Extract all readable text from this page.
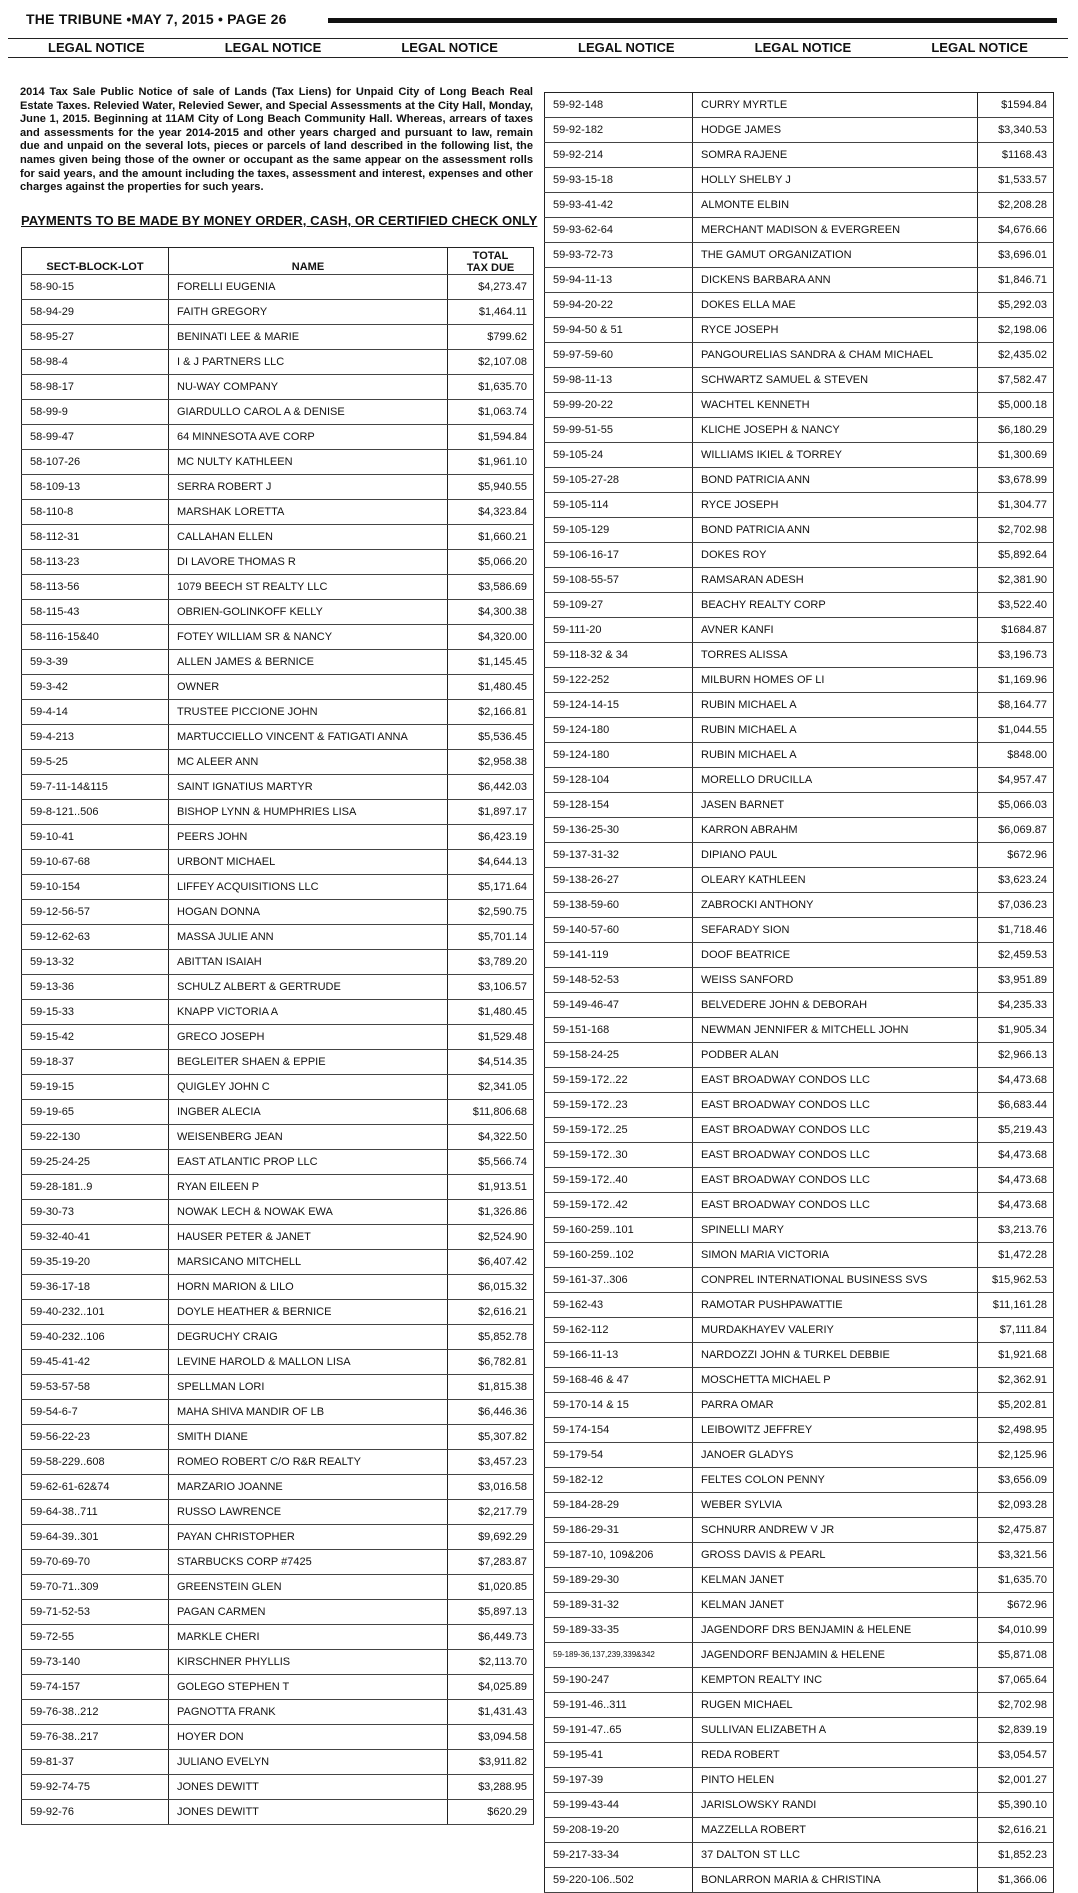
THE TRIBUNE •MAY 7, 2015 • PAGE 26
LEGAL NOTICE	LEGAL NOTICE	LEGAL NOTICE	LEGAL NOTICE	LEGAL NOTICE	LEGAL NOTICE
2014 Tax Sale Public Notice of sale of Lands (Tax Liens) for Unpaid City of Long Beach Real Estate Taxes. Relevied Water, Relevied Sewer, and Special Assessments at the City Hall, Monday, June 1, 2015. Beginning at 11AM City of Long Beach Community Hall. Whereas, arrears of taxes and assessments for the year 2014-2015 and other years charged and pursuant to law, remain due and unpaid on the several lots, pieces or parcels of land described in the following list, the names given being those of the owner or occupant as the same appear on the assessment rolls for said years, and the amount including the taxes, assessment and interest, expenses and other charges against the properties for such years.
PAYMENTS TO BE MADE BY MONEY ORDER, CASH, OR CERTIFIED CHECK ONLY
SECT-BLOCK-LOT	NAME	TOTAL
TAX DUE

58-90-15	FORELLI EUGENIA	$4,273.47
58-94-29	FAITH GREGORY	$1,464.11
58-95-27	BENINATI LEE & MARIE	$799.62
58-98-4	I & J PARTNERS LLC	$2,107.08
58-98-17	NU-WAY COMPANY	$1,635.70
58-99-9	GIARDULLO CAROL A & DENISE	$1,063.74
58-99-47	64 MINNESOTA AVE CORP	$1,594.84
58-107-26	MC NULTY KATHLEEN	$1,961.10
58-109-13	SERRA ROBERT J	$5,940.55
58-110-8	MARSHAK LORETTA	$4,323.84
58-112-31	CALLAHAN ELLEN	$1,660.21
58-113-23	DI LAVORE THOMAS R	$5,066.20
58-113-56	1079 BEECH ST REALTY LLC	$3,586.69
58-115-43	OBRIEN-GOLINKOFF KELLY	$4,300.38
58-116-15&40	FOTEY WILLIAM SR & NANCY	$4,320.00
59-3-39	ALLEN JAMES & BERNICE	$1,145.45
59-3-42	OWNER	$1,480.45
59-4-14	TRUSTEE PICCIONE JOHN	$2,166.81
59-4-213	MARTUCCIELLO VINCENT & FATIGATI ANNA	$5,536.45
59-5-25	MC ALEER ANN	$2,958.38
59-7-11-14&115	SAINT IGNATIUS MARTYR	$6,442.03
59-8-121..506	BISHOP LYNN & HUMPHRIES LISA	$1,897.17
59-10-41	PEERS JOHN	$6,423.19
59-10-67-68	URBONT MICHAEL	$4,644.13
59-10-154	LIFFEY ACQUISITIONS LLC	$5,171.64
59-12-56-57	HOGAN DONNA	$2,590.75
59-12-62-63	MASSA JULIE ANN	$5,701.14
59-13-32	ABITTAN ISAIAH	$3,789.20
59-13-36	SCHULZ ALBERT & GERTRUDE	$3,106.57
59-15-33	KNAPP VICTORIA A	$1,480.45
59-15-42	GRECO JOSEPH	$1,529.48
59-18-37	BEGLEITER SHAEN & EPPIE	$4,514.35
59-19-15	QUIGLEY JOHN C	$2,341.05
59-19-65	INGBER ALECIA	$11,806.68
59-22-130	WEISENBERG JEAN	$4,322.50
59-25-24-25	EAST ATLANTIC PROP LLC	$5,566.74
59-28-181..9	RYAN EILEEN P	$1,913.51
59-30-73	NOWAK LECH & NOWAK EWA	$1,326.86
59-32-40-41	HAUSER PETER & JANET	$2,524.90
59-35-19-20	MARSICANO MITCHELL	$6,407.42
59-36-17-18	HORN MARION & LILO	$6,015.32
59-40-232..101	DOYLE HEATHER & BERNICE	$2,616.21
59-40-232..106	DEGRUCHY CRAIG	$5,852.78
59-45-41-42	LEVINE HAROLD & MALLON LISA	$6,782.81
59-53-57-58	SPELLMAN LORI	$1,815.38
59-54-6-7	MAHA SHIVA MANDIR OF LB	$6,446.36
59-56-22-23	SMITH DIANE	$5,307.82
59-58-229..608	ROMEO ROBERT C/O R&R REALTY	$3,457.23
59-62-61-62&74	MARZARIO JOANNE	$3,016.58
59-64-38..711	RUSSO LAWRENCE	$2,217.79
59-64-39..301	PAYAN CHRISTOPHER	$9,692.29
59-70-69-70	STARBUCKS CORP #7425	$7,283.87
59-70-71..309	GREENSTEIN GLEN	$1,020.85
59-71-52-53	PAGAN CARMEN	$5,897.13
59-72-55	MARKLE CHERI	$6,449.73
59-73-140	KIRSCHNER PHYLLIS	$2,113.70
59-74-157	GOLEGO STEPHEN T	$4,025.89
59-76-38..212	PAGNOTTA FRANK	$1,431.43
59-76-38..217	HOYER DON	$3,094.58
59-81-37	JULIANO EVELYN	$3,911.82
59-92-74-75	JONES DEWITT	$3,288.95
59-92-76	JONES DEWITT	$620.29
59-92-148	CURRY MYRTLE	$1594.84
59-92-182	HODGE JAMES	$3,340.53
59-92-214	SOMRA RAJENE	$1168.43
59-93-15-18	HOLLY SHELBY J	$1,533.57
59-93-41-42	ALMONTE ELBIN	$2,208.28
59-93-62-64	MERCHANT MADISON & EVERGREEN	$4,676.66
59-93-72-73	THE GAMUT ORGANIZATION	$3,696.01
59-94-11-13	DICKENS BARBARA ANN	$1,846.71
59-94-20-22	DOKES ELLA MAE	$5,292.03
59-94-50 & 51	RYCE JOSEPH	$2,198.06
59-97-59-60	PANGOURELIAS SANDRA & CHAM MICHAEL	$2,435.02
59-98-11-13	SCHWARTZ SAMUEL & STEVEN	$7,582.47
59-99-20-22	WACHTEL KENNETH	$5,000.18
59-99-51-55	KLICHE JOSEPH & NANCY	$6,180.29
59-105-24	WILLIAMS IKIEL & TORREY	$1,300.69
59-105-27-28	BOND PATRICIA ANN	$3,678.99
59-105-114	RYCE JOSEPH	$1,304.77
59-105-129	BOND PATRICIA ANN	$2,702.98
59-106-16-17	DOKES ROY	$5,892.64
59-108-55-57	RAMSARAN ADESH	$2,381.90
59-109-27	BEACHY REALTY CORP	$3,522.40
59-111-20	AVNER KANFI	$1684.87
59-118-32 & 34	TORRES ALISSA	$3,196.73
59-122-252	MILBURN HOMES OF LI	$1,169.96
59-124-14-15	RUBIN MICHAEL A	$8,164.77
59-124-180	RUBIN MICHAEL A	$1,044.55
59-124-180	RUBIN MICHAEL A	$848.00
59-128-104	MORELLO DRUCILLA	$4,957.47
59-128-154	JASEN BARNET	$5,066.03
59-136-25-30	KARRON ABRAHM	$6,069.87
59-137-31-32	DIPIANO PAUL	$672.96
59-138-26-27	OLEARY KATHLEEN	$3,623.24
59-138-59-60	ZABROCKI ANTHONY	$7,036.23
59-140-57-60	SEFARADY SION	$1,718.46
59-141-119	DOOF BEATRICE	$2,459.53
59-148-52-53	WEISS SANFORD	$3,951.89
59-149-46-47	BELVEDERE JOHN & DEBORAH	$4,235.33
59-151-168	NEWMAN JENNIFER & MITCHELL JOHN	$1,905.34
59-158-24-25	PODBER ALAN	$2,966.13
59-159-172..22	EAST BROADWAY CONDOS LLC	$4,473.68
59-159-172..23	EAST BROADWAY CONDOS LLC	$6,683.44
59-159-172..25	EAST BROADWAY CONDOS LLC	$5,219.43
59-159-172..30	EAST BROADWAY CONDOS LLC	$4,473.68
59-159-172..40	EAST BROADWAY CONDOS LLC	$4,473.68
59-159-172..42	EAST BROADWAY CONDOS LLC	$4,473.68
59-160-259..101	SPINELLI MARY	$3,213.76
59-160-259..102	SIMON MARIA VICTORIA	$1,472.28
59-161-37..306	CONPREL INTERNATIONAL BUSINESS SVS	$15,962.53
59-162-43	RAMOTAR PUSHPAWATTIE	$11,161.28
59-162-112	MURDAKHAYEV VALERIY	$7,111.84
59-166-11-13	NARDOZZI JOHN & TURKEL DEBBIE	$1,921.68
59-168-46 & 47	MOSCHETTA MICHAEL P	$2,362.91
59-170-14 & 15	PARRA OMAR	$5,202.81
59-174-154	LEIBOWITZ JEFFREY	$2,498.95
59-179-54	JANOER GLADYS	$2,125.96
59-182-12	FELTES COLON PENNY	$3,656.09
59-184-28-29	WEBER SYLVIA	$2,093.28
59-186-29-31	SCHNURR ANDREW V JR	$2,475.87
59-187-10, 109&206	GROSS DAVIS & PEARL	$3,321.56
59-189-29-30	KELMAN JANET	$1,635.70
59-189-31-32	KELMAN JANET	$672.96
59-189-33-35	JAGENDORF DRS BENJAMIN & HELENE	$4,010.99
59-189-36,137,239,339&342	JAGENDORF BENJAMIN & HELENE	$5,871.08
59-190-247	KEMPTON REALTY INC	$7,065.64
59-191-46..311	RUGEN MICHAEL	$2,702.98
59-191-47..65	SULLIVAN ELIZABETH A	$2,839.19
59-195-41	REDA ROBERT	$3,054.57
59-197-39	PINTO HELEN	$2,001.27
59-199-43-44	JARISLOWSKY RANDI	$5,390.10
59-208-19-20	MAZZELLA ROBERT	$2,616.21
59-217-33-34	37 DALTON ST LLC	$1,852.23
59-220-106..502	BONLARRON MARIA & CHRISTINA	$1,366.06
